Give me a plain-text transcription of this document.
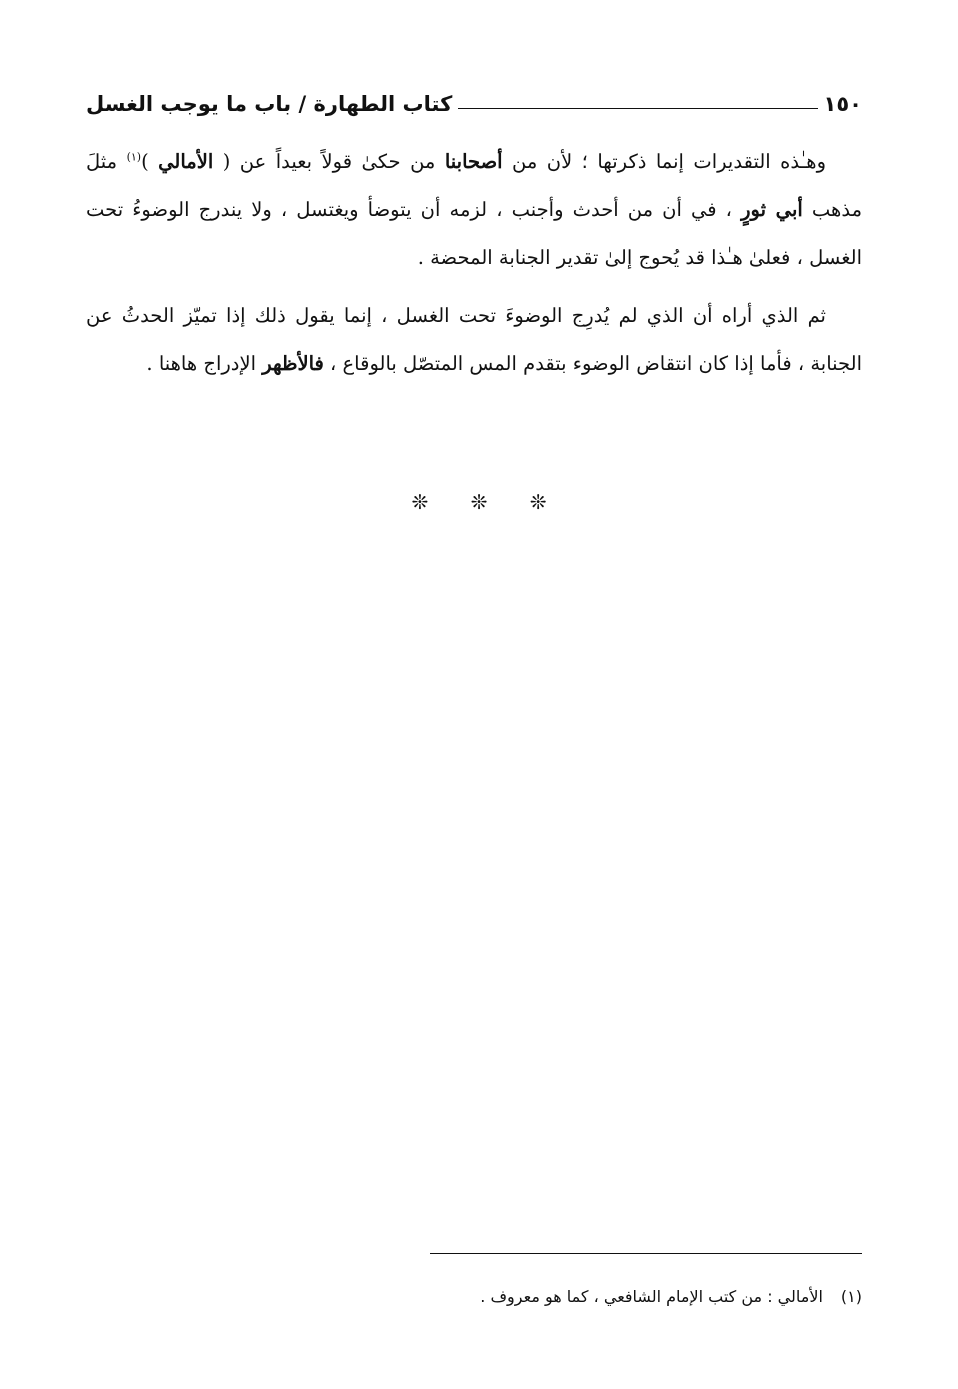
١٥٠
كتاب الطهارة / باب ما يوجب الغسل

وهـٰذه التقديرات إنما ذكرتها ؛ لأن من أصحابنا من حكىٰ قولاً بعيداً عن ( الأمالي )$^{(١)}$ مثلَ مذهب أبي ثورٍ ، في أن من أحدث وأجنب ، لزمه أن يتوضأ ويغتسل ، ولا يندرج الوضوءُ تحت الغسل ، فعلىٰ هـٰذا قد يُحوج إلىٰ تقدير الجنابة المحضة .

ثم الذي أراه أن الذي لم يُدرِج الوضوءَ تحت الغسل ، إنما يقول ذلك إذا تميّز الحدثُ عن الجنابة ، فأما إذا كان انتقاض الوضوء بتقدم المس المتصّل بالوقاع ، فالأظهر الإدراج هاهنا .

❊ ❊ ❊
(١)الأمالي : من كتب الإمام الشافعي ، كما هو معروف .
